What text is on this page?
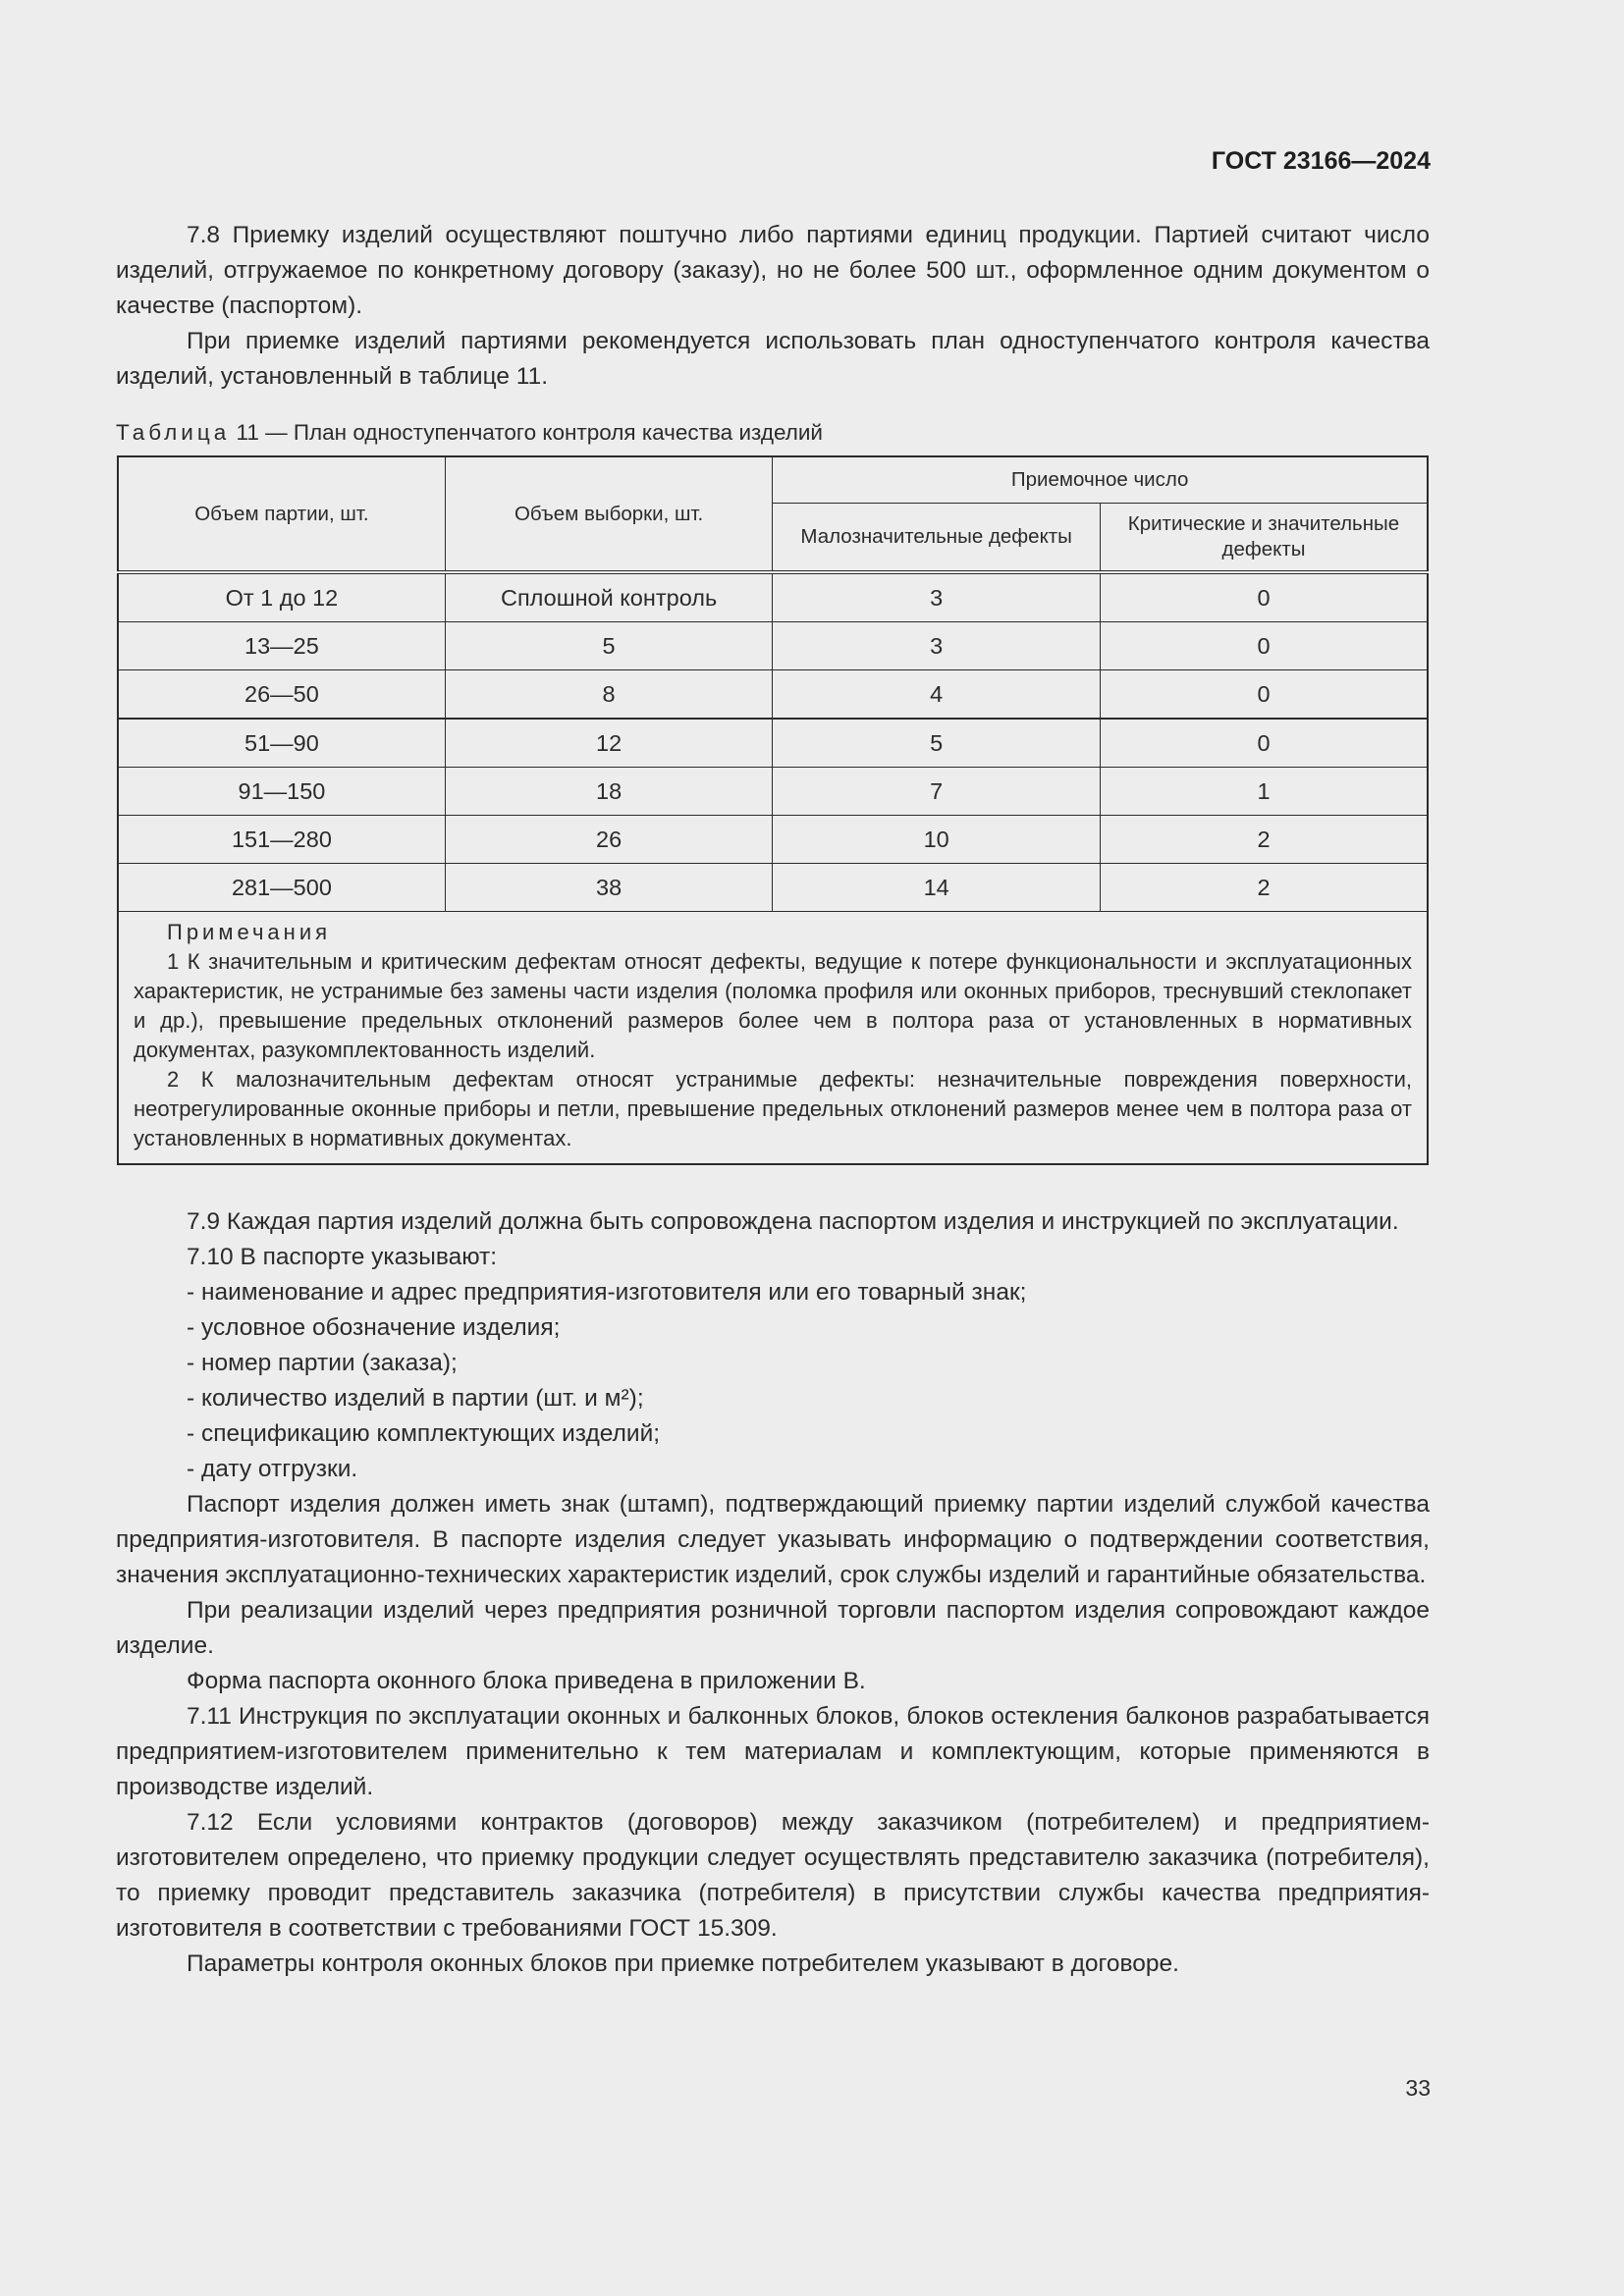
ГОСТ 23166—2024

7.8 Приемку изделий осуществляют поштучно либо партиями единиц продукции. Партией считают число изделий, отгружаемое по конкретному договору (заказу), но не более 500 шт., оформленное одним документом о качестве (паспортом).

При приемке изделий партиями рекомендуется использовать план одноступенчатого контроля качества изделий, установленный в таблице 11.

Таблица 11 — План одноступенчатого контроля качества изделий
Объем партии, шт.	Объем выборки, шт.	Приемочное число	
		Малозначительные дефекты	Критические и значительные дефекты
От 1 до 12	Сплошной контроль	3	0
13—25	5	3	0
26—50	8	4	0
51—90	12	5	0
91—150	18	7	1
151—280	26	10	2
281—500	38	14	2

Примечания
1 К значительным и критическим дефектам относят дефекты, ведущие к потере функциональности и эксплуатационных характеристик, не устранимые без замены части изделия (поломка профиля или оконных приборов, треснувший стеклопакет и др.), превышение предельных отклонений размеров более чем в полтора раза от установленных в нормативных документах, разукомплектованность изделий.
2 К малозначительным дефектам относят устранимые дефекты: незначительные повреждения поверхности, неотрегулированные оконные приборы и петли, превышение предельных отклонений размеров менее чем в полтора раза от установленных в нормативных документах.			

7.9 Каждая партия изделий должна быть сопровождена паспортом изделия и инструкцией по эксплуатации.

7.10 В паспорте указывают:

- наименование и адрес предприятия-изготовителя или его товарный знак;

- условное обозначение изделия;

- номер партии (заказа);

- количество изделий в партии (шт. и м²);

- спецификацию комплектующих изделий;

- дату отгрузки.

Паспорт изделия должен иметь знак (штамп), подтверждающий приемку партии изделий службой качества предприятия-изготовителя. В паспорте изделия следует указывать информацию о подтверждении соответствия, значения эксплуатационно-технических характеристик изделий, срок службы изделий и гарантийные обязательства.

При реализации изделий через предприятия розничной торговли паспортом изделия сопровождают каждое изделие.

Форма паспорта оконного блока приведена в приложении В.

7.11 Инструкция по эксплуатации оконных и балконных блоков, блоков остекления балконов разрабатывается предприятием-изготовителем применительно к тем материалам и комплектующим, которые применяются в производстве изделий.

7.12 Если условиями контрактов (договоров) между заказчиком (потребителем) и предприятием-изготовителем определено, что приемку продукции следует осуществлять представителю заказчика (потребителя), то приемку проводит представитель заказчика (потребителя) в присутствии службы качества предприятия-изготовителя в соответствии с требованиями ГОСТ 15.309.

Параметры контроля оконных блоков при приемке потребителем указывают в договоре.

33
